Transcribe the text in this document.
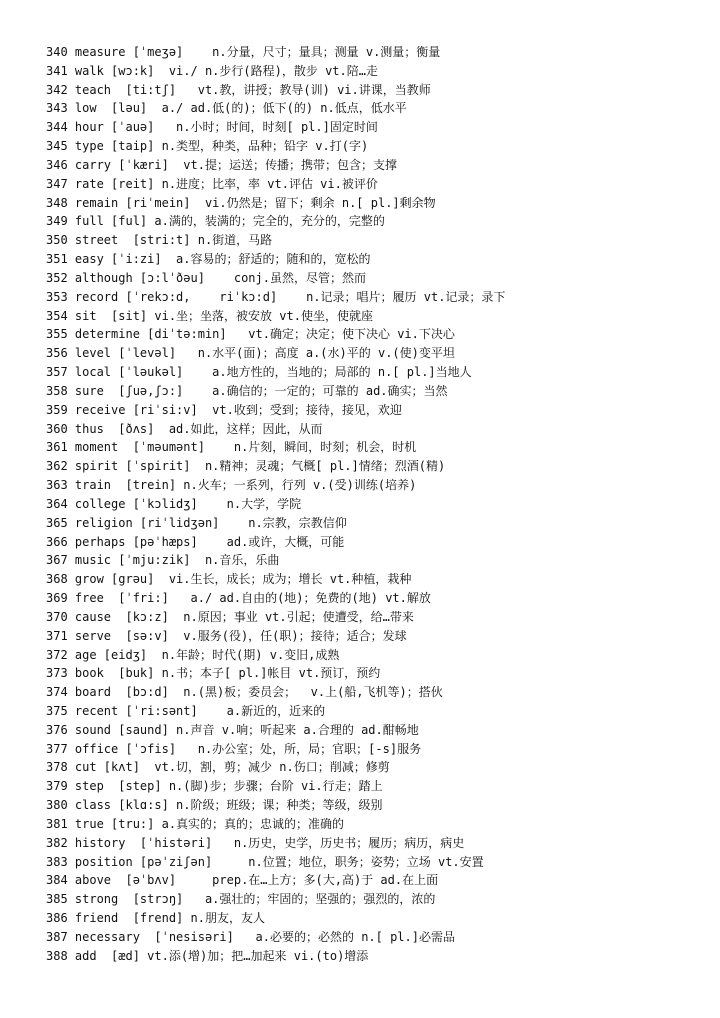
340 measure [ˈmeʒə]    n.分量，尺寸；量具；测量 v.测量；衡量
341 walk [wɔ:k]  vi./ n.步行(路程)，散步 vt.陪…走
342 teach  [ti:tʃ]   vt.教，讲授；教导(训) vi.讲课，当教师
343 low  [ləu]  a./ ad.低(的)；低下(的) n.低点，低水平
344 hour [ˈauə]   n.小时；时间，时刻[ pl.]固定时间
345 type [taip] n.类型，种类，品种；铅字 v.打(字)
346 carry [ˈkæri]  vt.提；运送；传播；携带；包含；支撑
347 rate [reit] n.进度；比率，率 vt.评估 vi.被评价
348 remain [riˈmein]  vi.仍然是；留下；剩余 n.[ pl.]剩余物
349 full [ful] a.满的，装满的；完全的，充分的，完整的
350 street  [stri:t] n.街道，马路
351 easy [ˈi:zi]  a.容易的；舒适的；随和的，宽松的
352 although [ɔ:lˈðəu]    conj.虽然，尽管；然而
353 record [ˈrekɔ:d,    riˈkɔ:d]    n.记录；唱片；履历 vt.记录；录下
354 sit  [sit] vi.坐；坐落，被安放 vt.使坐，使就座
355 determine [diˈtə:min]   vt.确定；决定；使下决心 vi.下决心
356 level [ˈlevəl]   n.水平(面)；高度 a.(水)平的 v.(使)变平坦
357 local [ˈləukəl]    a.地方性的，当地的；局部的 n.[ pl.]当地人
358 sure  [ʃuə,ʃɔ:]    a.确信的；一定的；可靠的 ad.确实；当然
359 receive [riˈsi:v]  vt.收到；受到；接待，接见，欢迎
360 thus  [ðʌs]  ad.如此，这样；因此，从而
361 moment  [ˈməumənt]    n.片刻，瞬间，时刻；机会，时机
362 spirit [ˈspirit]  n.精神；灵魂；气概[ pl.]情绪；烈酒(精)
363 train  [trein] n.火车；一系列，行列 v.(受)训练(培养)
364 college [ˈkɔlidʒ]    n.大学，学院
365 religion [riˈlidʒən]    n.宗教，宗教信仰
366 perhaps [pəˈhæps]    ad.或许，大概，可能
367 music [ˈmju:zik]  n.音乐，乐曲
368 grow [grəu]  vi.生长，成长；成为；增长 vt.种植，栽种
369 free  [ˈfri:]   a./ ad.自由的(地)；免费的(地) vt.解放
370 cause  [kɔ:z]  n.原因；事业 vt.引起；使遭受，给…带来
371 serve  [sə:v]  v.服务(役)，任(职)；接待；适合；发球
372 age [eidʒ]  n.年龄；时代(期) v.变旧,成熟
373 book  [buk] n.书；本子[ pl.]帐目 vt.预订，预约
374 board  [bɔ:d]  n.(黑)板；委员会；  v.上(船,飞机等)；搭伙
375 recent [ˈri:sənt]    a.新近的，近来的
376 sound [saund] n.声音 v.响；听起来 a.合理的 ad.酣畅地
377 office [ˈɔfis]   n.办公室；处，所，局；官职；[-s]服务
378 cut [kʌt]  vt.切，割，剪；减少 n.伤口；削减；修剪
379 step  [step] n.(脚)步；步骤；台阶 vi.行走；踏上
380 class [klɑ:s] n.阶级；班级；课；种类；等级，级别
381 true [tru:] a.真实的；真的；忠诚的；准确的
382 history  [ˈhistəri]   n.历史，史学，历史书；履历；病历，病史
383 position [pəˈziʃən]     n.位置；地位，职务；姿势；立场 vt.安置
384 above  [əˈbʌv]     prep.在…上方；多(大,高)于 ad.在上面
385 strong  [strɔŋ]   a.强壮的；牢固的；坚强的；强烈的，浓的
386 friend  [frend] n.朋友，友人
387 necessary  [ˈnesisəri]   a.必要的；必然的 n.[ pl.]必需品
388 add  [æd] vt.添(增)加；把…加起来 vi.(to)增添
